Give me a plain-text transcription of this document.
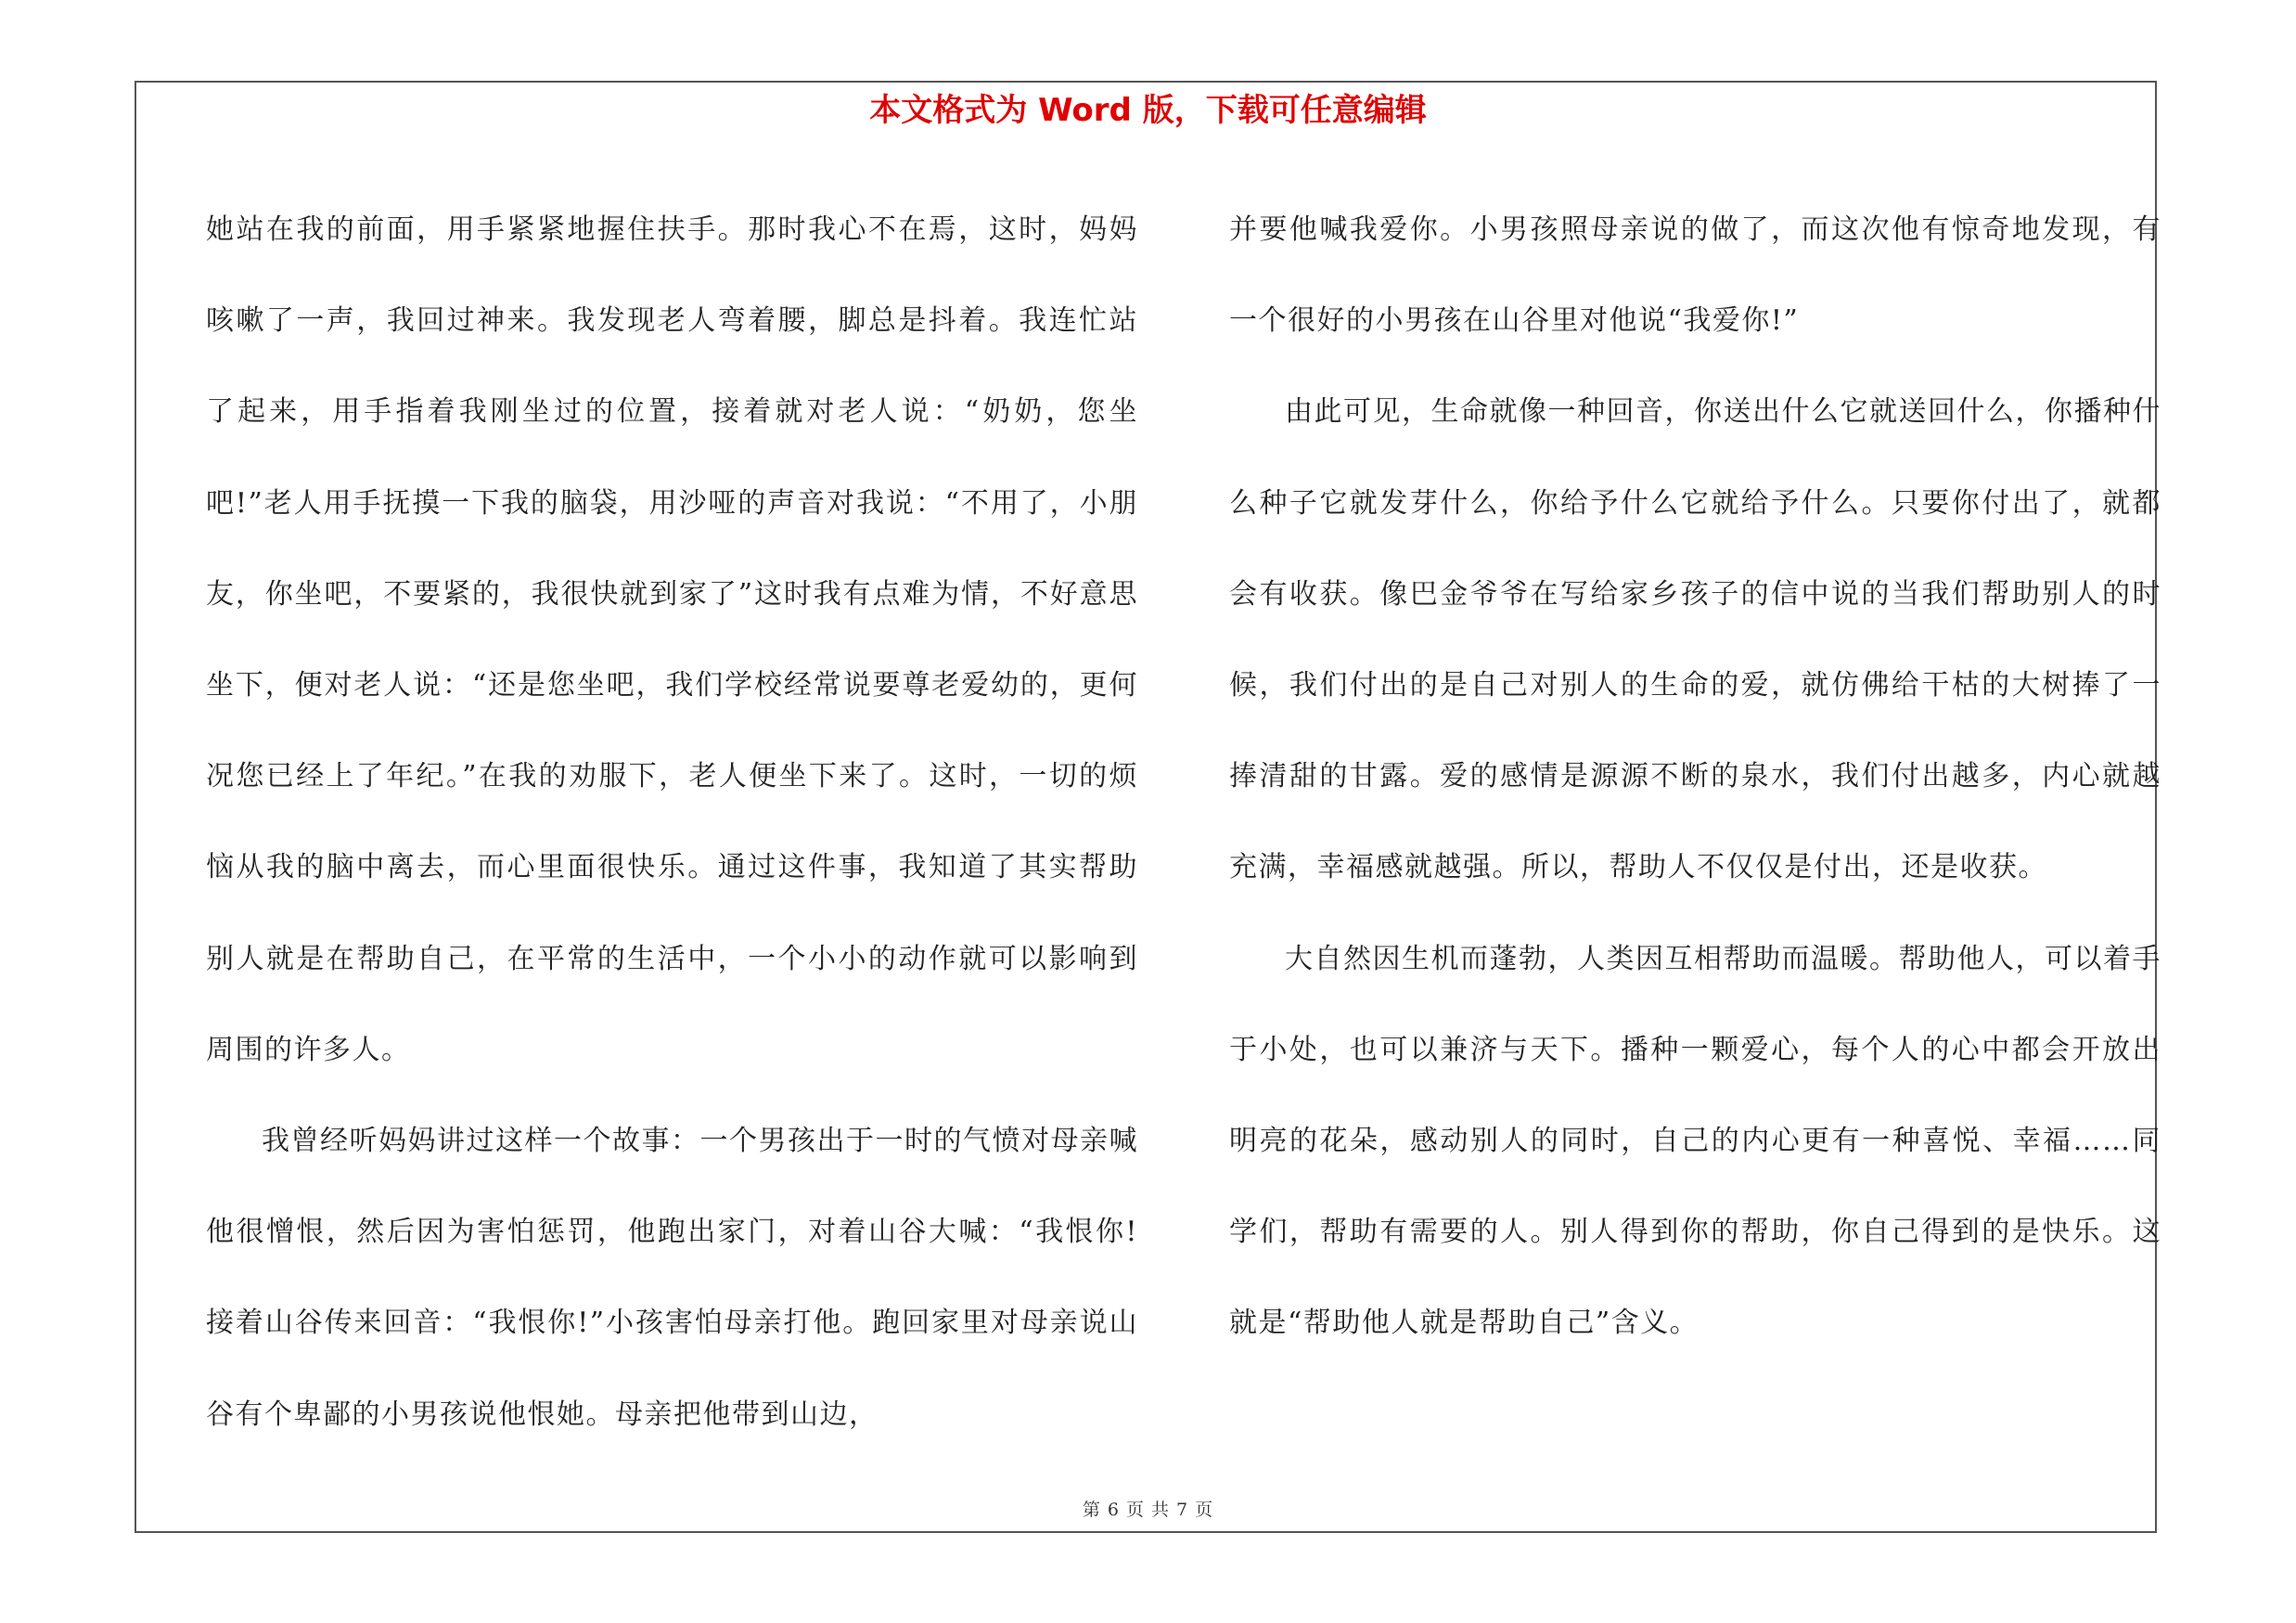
本文格式为 Word 版，下载可任意编辑

她站在我的前面，用手紧紧地握住扶手。那时我心不在焉，这时，妈妈咳嗽了一声，我回过神来。我发现老人弯着腰，脚总是抖着。我连忙站了起来，用手指着我刚坐过的位置，接着就对老人说：“奶奶，您坐吧!”老人用手抚摸一下我的脑袋，用沙哑的声音对我说：“不用了，小朋友，你坐吧，不要紧的，我很快就到家了”这时我有点难为情，不好意思坐下，便对老人说：“还是您坐吧，我们学校经常说要尊老爱幼的，更何况您已经上了年纪。”在我的劝服下，老人便坐下来了。这时，一切的烦恼从我的脑中离去，而心里面很快乐。通过这件事，我知道了其实帮助别人就是在帮助自己，在平常的生活中，一个小小的动作就可以影响到周围的许多人。

我曾经听妈妈讲过这样一个故事：一个男孩出于一时的气愤对母亲喊他很憎恨，然后因为害怕惩罚，他跑出家门，对着山谷大喊：“我恨你!接着山谷传来回音：“我恨你!”小孩害怕母亲打他。跑回家里对母亲说山谷有个卑鄙的小男孩说他恨她。母亲把他带到山边，

并要他喊我爱你。小男孩照母亲说的做了，而这次他有惊奇地发现，有一个很好的小男孩在山谷里对他说“我爱你!”

由此可见，生命就像一种回音，你送出什么它就送回什么，你播种什么种子它就发芽什么，你给予什么它就给予什么。只要你付出了，就都会有收获。像巴金爷爷在写给家乡孩子的信中说的当我们帮助别人的时候，我们付出的是自己对别人的生命的爱，就仿佛给干枯的大树捧了一捧清甜的甘露。爱的感情是源源不断的泉水，我们付出越多，内心就越充满，幸福感就越强。所以，帮助人不仅仅是付出，还是收获。

大自然因生机而蓬勃，人类因互相帮助而温暖。帮助他人，可以着手于小处，也可以兼济与天下。播种一颗爱心，每个人的心中都会开放出明亮的花朵，感动别人的同时，自己的内心更有一种喜悦、幸福……同学们，帮助有需要的人。别人得到你的帮助，你自己得到的是快乐。这就是“帮助他人就是帮助自己”含义。

第 6 页 共 7 页
